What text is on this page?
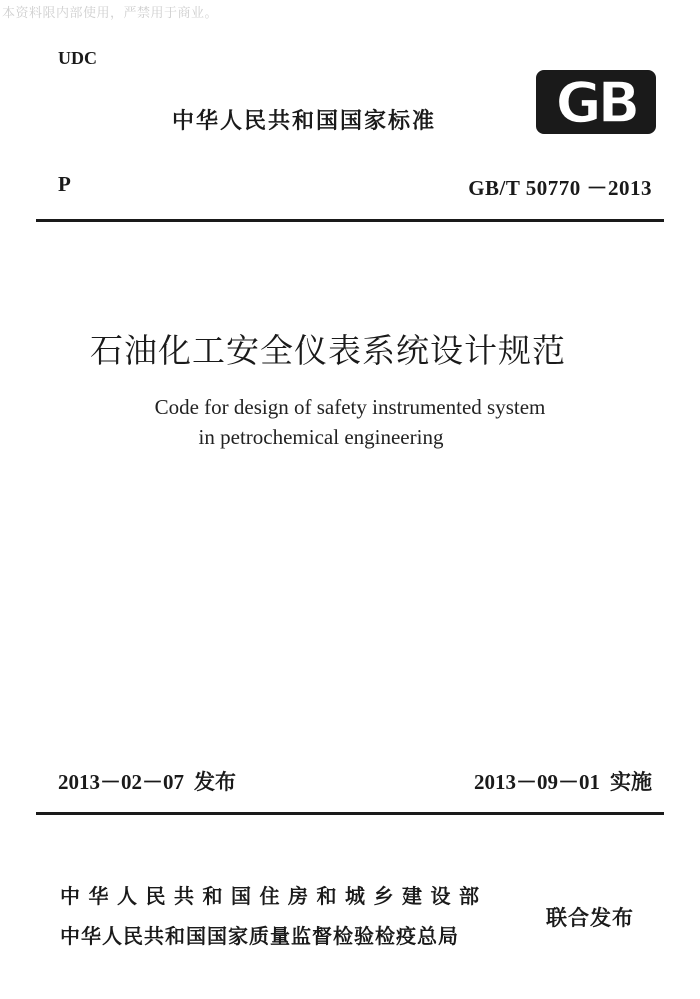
本资料限内部使用，严禁用于商业。
UDC
中华人民共和国国家标准 GB
P	GB/T 50770 －2013
石油化工安全仪表系统设计规范
Code for design of safety instrumented system
in petrochemical engineering
2013－02－07 发布	2013－09－01 实施
中华人民共和国住房和城乡建设部
中华人民共和国国家质量监督检验检疫总局
联合发布
